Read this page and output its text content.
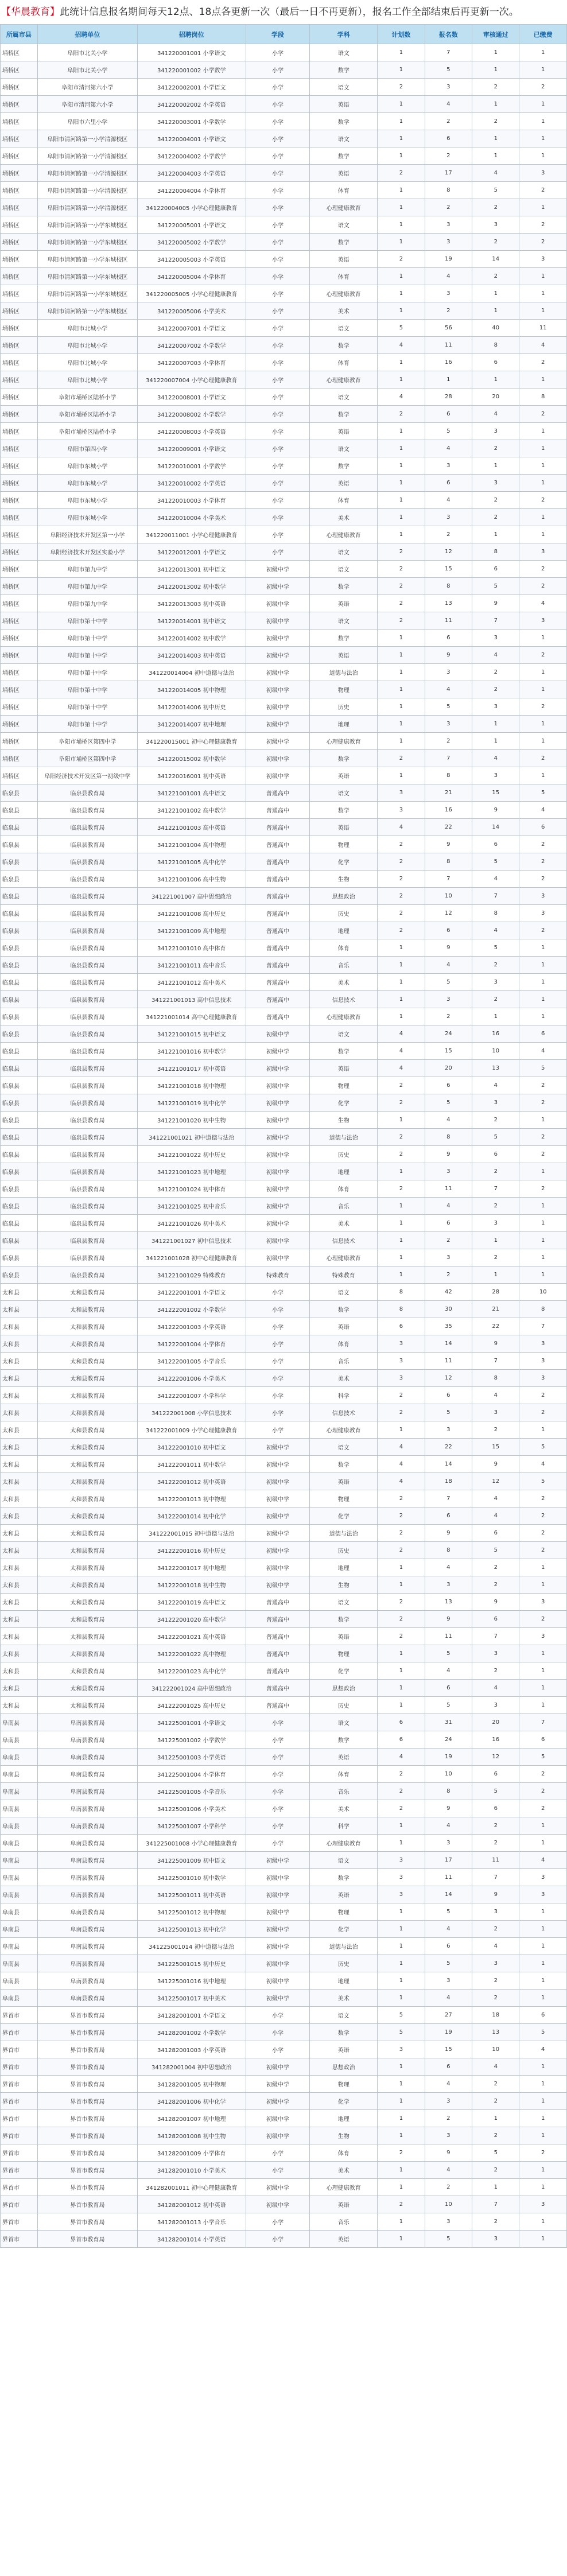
【华晨教育】此统计信息报名期间每天12点、18点各更新一次（最后一日不再更新），报名工作全部结束后再更新一次。
所属市县	招聘单位	招聘岗位	学段	学科	计划数	报名数	审核通过	已缴费
埇桥区	阜阳市北关小学	341220001001 小学语文	小学	语文	1	7	1	1
埇桥区	阜阳市北关小学	341220001002 小学数学	小学	数学	1	5	1	1
埇桥区	阜阳市清河第六小学	341220002001 小学语文	小学	语文	2	3	2	2
埇桥区	阜阳市清河第六小学	341220002002 小学英语	小学	英语	1	4	1	1
埇桥区	阜阳市六里小学	341220003001 小学数学	小学	数学	1	2	2	1
埇桥区	阜阳市清河路第一小学清源校区	341220004001 小学语文	小学	语文	1	6	1	1
埇桥区	阜阳市清河路第一小学清源校区	341220004002 小学数学	小学	数学	1	2	1	1
埇桥区	阜阳市清河路第一小学清源校区	341220004003 小学英语	小学	英语	2	17	4	3
埇桥区	阜阳市清河路第一小学清源校区	341220004004 小学体育	小学	体育	1	8	5	2
埇桥区	阜阳市清河路第一小学清源校区	341220004005 小学心理健康教育	小学	心理健康教育	1	2	2	1
埇桥区	阜阳市清河路第一小学东城校区	341220005001 小学语文	小学	语文	1	3	3	2
埇桥区	阜阳市清河路第一小学东城校区	341220005002 小学数学	小学	数学	1	3	2	2
埇桥区	阜阳市清河路第一小学东城校区	341220005003 小学英语	小学	英语	2	19	14	3
埇桥区	阜阳市清河路第一小学东城校区	341220005004 小学体育	小学	体育	1	4	2	1
埇桥区	阜阳市清河路第一小学东城校区	341220005005 小学心理健康教育	小学	心理健康教育	1	3	1	1
埇桥区	阜阳市清河路第一小学东城校区	341220005006 小学美术	小学	美术	1	2	1	1
埇桥区	阜阳市北城小学	341220007001 小学语文	小学	语文	5	56	40	11
埇桥区	阜阳市北城小学	341220007002 小学数学	小学	数学	4	11	8	4
埇桥区	阜阳市北城小学	341220007003 小学体育	小学	体育	1	16	6	2
埇桥区	阜阳市北城小学	341220007004 小学心理健康教育	小学	心理健康教育	1	1	1	1
埇桥区	阜阳市埇桥区陆桥小学	341220008001 小学语文	小学	语文	4	28	20	8
埇桥区	阜阳市埇桥区陆桥小学	341220008002 小学数学	小学	数学	2	6	4	2
埇桥区	阜阳市埇桥区陆桥小学	341220008003 小学英语	小学	英语	1	5	3	1
埇桥区	阜阳市第四小学	341220009001 小学语文	小学	语文	1	4	2	1
埇桥区	阜阳市东城小学	341220010001 小学数学	小学	数学	1	3	1	1
埇桥区	阜阳市东城小学	341220010002 小学英语	小学	英语	1	6	3	1
埇桥区	阜阳市东城小学	341220010003 小学体育	小学	体育	1	4	2	2
埇桥区	阜阳市东城小学	341220010004 小学美术	小学	美术	1	3	2	1
埇桥区	阜阳经济技术开发区第一小学	341220011001 小学心理健康教育	小学	心理健康教育	1	2	1	1
埇桥区	阜阳经济技术开发区实验小学	341220012001 小学语文	小学	语文	2	12	8	3
埇桥区	阜阳市第九中学	341220013001 初中语文	初级中学	语文	2	15	6	2
埇桥区	阜阳市第九中学	341220013002 初中数学	初级中学	数学	2	8	5	2
埇桥区	阜阳市第九中学	341220013003 初中英语	初级中学	英语	2	13	9	4
埇桥区	阜阳市第十中学	341220014001 初中语文	初级中学	语文	2	11	7	3
埇桥区	阜阳市第十中学	341220014002 初中数学	初级中学	数学	1	6	3	1
埇桥区	阜阳市第十中学	341220014003 初中英语	初级中学	英语	1	9	4	2
埇桥区	阜阳市第十中学	341220014004 初中道德与法治	初级中学	道德与法治	1	3	2	1
埇桥区	阜阳市第十中学	341220014005 初中物理	初级中学	物理	1	4	2	1
埇桥区	阜阳市第十中学	341220014006 初中历史	初级中学	历史	1	5	3	2
埇桥区	阜阳市第十中学	341220014007 初中地理	初级中学	地理	1	3	1	1
埇桥区	阜阳市埇桥区第四中学	341220015001 初中心理健康教育	初级中学	心理健康教育	1	2	1	1
埇桥区	阜阳市埇桥区第四中学	341220015002 初中数学	初级中学	数学	2	7	4	2
埇桥区	阜阳经济技术开发区第一初级中学	341220016001 初中英语	初级中学	英语	1	8	3	1
临泉县	临泉县教育局	341221001001 高中语文	普通高中	语文	3	21	15	5
临泉县	临泉县教育局	341221001002 高中数学	普通高中	数学	3	16	9	4
临泉县	临泉县教育局	341221001003 高中英语	普通高中	英语	4	22	14	6
临泉县	临泉县教育局	341221001004 高中物理	普通高中	物理	2	9	6	2
临泉县	临泉县教育局	341221001005 高中化学	普通高中	化学	2	8	5	2
临泉县	临泉县教育局	341221001006 高中生物	普通高中	生物	2	7	4	2
临泉县	临泉县教育局	341221001007 高中思想政治	普通高中	思想政治	2	10	7	3
临泉县	临泉县教育局	341221001008 高中历史	普通高中	历史	2	12	8	3
临泉县	临泉县教育局	341221001009 高中地理	普通高中	地理	2	6	4	2
临泉县	临泉县教育局	341221001010 高中体育	普通高中	体育	1	9	5	1
临泉县	临泉县教育局	341221001011 高中音乐	普通高中	音乐	1	4	2	1
临泉县	临泉县教育局	341221001012 高中美术	普通高中	美术	1	5	3	1
临泉县	临泉县教育局	341221001013 高中信息技术	普通高中	信息技术	1	3	2	1
临泉县	临泉县教育局	341221001014 高中心理健康教育	普通高中	心理健康教育	1	2	1	1
临泉县	临泉县教育局	341221001015 初中语文	初级中学	语文	4	24	16	6
临泉县	临泉县教育局	341221001016 初中数学	初级中学	数学	4	15	10	4
临泉县	临泉县教育局	341221001017 初中英语	初级中学	英语	4	20	13	5
临泉县	临泉县教育局	341221001018 初中物理	初级中学	物理	2	6	4	2
临泉县	临泉县教育局	341221001019 初中化学	初级中学	化学	2	5	3	2
临泉县	临泉县教育局	341221001020 初中生物	初级中学	生物	1	4	2	1
临泉县	临泉县教育局	341221001021 初中道德与法治	初级中学	道德与法治	2	8	5	2
临泉县	临泉县教育局	341221001022 初中历史	初级中学	历史	2	9	6	2
临泉县	临泉县教育局	341221001023 初中地理	初级中学	地理	1	3	2	1
临泉县	临泉县教育局	341221001024 初中体育	初级中学	体育	2	11	7	2
临泉县	临泉县教育局	341221001025 初中音乐	初级中学	音乐	1	4	2	1
临泉县	临泉县教育局	341221001026 初中美术	初级中学	美术	1	6	3	1
临泉县	临泉县教育局	341221001027 初中信息技术	初级中学	信息技术	1	2	1	1
临泉县	临泉县教育局	341221001028 初中心理健康教育	初级中学	心理健康教育	1	3	2	1
临泉县	临泉县教育局	341221001029 特殊教育	特殊教育	特殊教育	1	2	1	1
太和县	太和县教育局	341222001001 小学语文	小学	语文	8	42	28	10
太和县	太和县教育局	341222001002 小学数学	小学	数学	8	30	21	8
太和县	太和县教育局	341222001003 小学英语	小学	英语	6	35	22	7
太和县	太和县教育局	341222001004 小学体育	小学	体育	3	14	9	3
太和县	太和县教育局	341222001005 小学音乐	小学	音乐	3	11	7	3
太和县	太和县教育局	341222001006 小学美术	小学	美术	3	12	8	3
太和县	太和县教育局	341222001007 小学科学	小学	科学	2	6	4	2
太和县	太和县教育局	341222001008 小学信息技术	小学	信息技术	2	5	3	2
太和县	太和县教育局	341222001009 小学心理健康教育	小学	心理健康教育	1	3	2	1
太和县	太和县教育局	341222001010 初中语文	初级中学	语文	4	22	15	5
太和县	太和县教育局	341222001011 初中数学	初级中学	数学	4	14	9	4
太和县	太和县教育局	341222001012 初中英语	初级中学	英语	4	18	12	5
太和县	太和县教育局	341222001013 初中物理	初级中学	物理	2	7	4	2
太和县	太和县教育局	341222001014 初中化学	初级中学	化学	2	6	4	2
太和县	太和县教育局	341222001015 初中道德与法治	初级中学	道德与法治	2	9	6	2
太和县	太和县教育局	341222001016 初中历史	初级中学	历史	2	8	5	2
太和县	太和县教育局	341222001017 初中地理	初级中学	地理	1	4	2	1
太和县	太和县教育局	341222001018 初中生物	初级中学	生物	1	3	2	1
太和县	太和县教育局	341222001019 高中语文	普通高中	语文	2	13	9	3
太和县	太和县教育局	341222001020 高中数学	普通高中	数学	2	9	6	2
太和县	太和县教育局	341222001021 高中英语	普通高中	英语	2	11	7	3
太和县	太和县教育局	341222001022 高中物理	普通高中	物理	1	5	3	1
太和县	太和县教育局	341222001023 高中化学	普通高中	化学	1	4	2	1
太和县	太和县教育局	341222001024 高中思想政治	普通高中	思想政治	1	6	4	1
太和县	太和县教育局	341222001025 高中历史	普通高中	历史	1	5	3	1
阜南县	阜南县教育局	341225001001 小学语文	小学	语文	6	31	20	7
阜南县	阜南县教育局	341225001002 小学数学	小学	数学	6	24	16	6
阜南县	阜南县教育局	341225001003 小学英语	小学	英语	4	19	12	5
阜南县	阜南县教育局	341225001004 小学体育	小学	体育	2	10	6	2
阜南县	阜南县教育局	341225001005 小学音乐	小学	音乐	2	8	5	2
阜南县	阜南县教育局	341225001006 小学美术	小学	美术	2	9	6	2
阜南县	阜南县教育局	341225001007 小学科学	小学	科学	1	4	2	1
阜南县	阜南县教育局	341225001008 小学心理健康教育	小学	心理健康教育	1	3	2	1
阜南县	阜南县教育局	341225001009 初中语文	初级中学	语文	3	17	11	4
阜南县	阜南县教育局	341225001010 初中数学	初级中学	数学	3	11	7	3
阜南县	阜南县教育局	341225001011 初中英语	初级中学	英语	3	14	9	3
阜南县	阜南县教育局	341225001012 初中物理	初级中学	物理	1	5	3	1
阜南县	阜南县教育局	341225001013 初中化学	初级中学	化学	1	4	2	1
阜南县	阜南县教育局	341225001014 初中道德与法治	初级中学	道德与法治	1	6	4	1
阜南县	阜南县教育局	341225001015 初中历史	初级中学	历史	1	5	3	1
阜南县	阜南县教育局	341225001016 初中地理	初级中学	地理	1	3	2	1
阜南县	阜南县教育局	341225001017 初中美术	初级中学	美术	1	4	2	1
界首市	界首市教育局	341282001001 小学语文	小学	语文	5	27	18	6
界首市	界首市教育局	341282001002 小学数学	小学	数学	5	19	13	5
界首市	界首市教育局	341282001003 小学英语	小学	英语	3	15	10	4
界首市	界首市教育局	341282001004 初中思想政治	初级中学	思想政治	1	6	4	1
界首市	界首市教育局	341282001005 初中物理	初级中学	物理	1	4	2	1
界首市	界首市教育局	341282001006 初中化学	初级中学	化学	1	3	2	1
界首市	界首市教育局	341282001007 初中地理	初级中学	地理	1	2	1	1
界首市	界首市教育局	341282001008 初中生物	初级中学	生物	1	3	2	1
界首市	界首市教育局	341282001009 小学体育	小学	体育	2	9	5	2
界首市	界首市教育局	341282001010 小学美术	小学	美术	1	4	2	1
界首市	界首市教育局	341282001011 初中心理健康教育	初级中学	心理健康教育	1	2	1	1
界首市	界首市教育局	341282001012 初中英语	初级中学	英语	2	10	7	3
界首市	界首市教育局	341282001013 小学音乐	小学	音乐	1	3	2	1
界首市	界首市教育局	341282001014 小学英语	小学	英语	1	5	3	1
